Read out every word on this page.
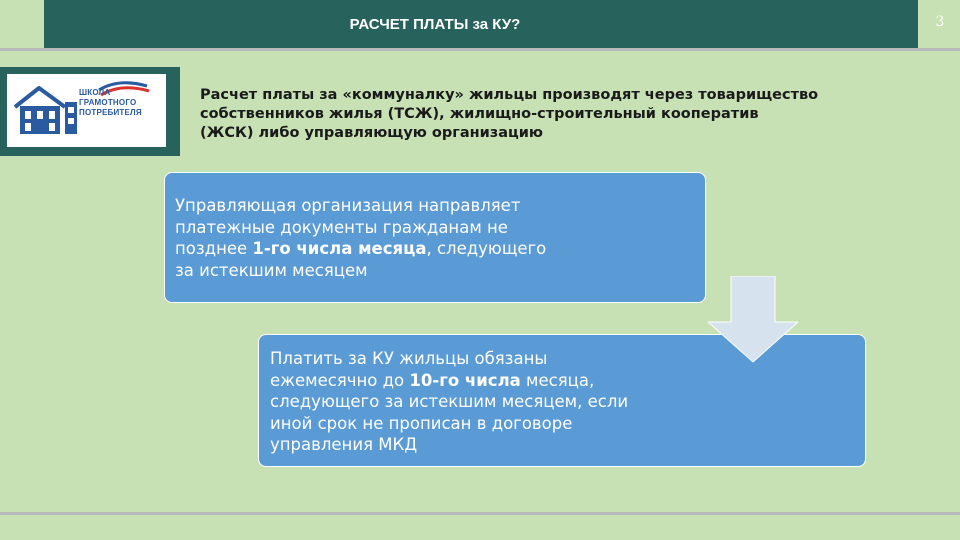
РАСЧЕТ ПЛАТЫ за КУ?	3
ШКОЛА
ГРАМОТНОГО
ПОТРЕБИТЕЛЯ
Расчет платы за «коммуналку» жильцы производят через товарищество
собственников жилья (ТСЖ), жилищно-строительный кооператив
(ЖСК) либо управляющую организацию
Управляющая организация направляет
платежные документы гражданам не
позднее 1-го числа месяца, следующего
за истекшим месяцем
Платить за КУ жильцы обязаны
ежемесячно до 10-го числа месяца,
следующего за истекшим месяцем, если
иной срок не прописан в договоре
управления МКД
